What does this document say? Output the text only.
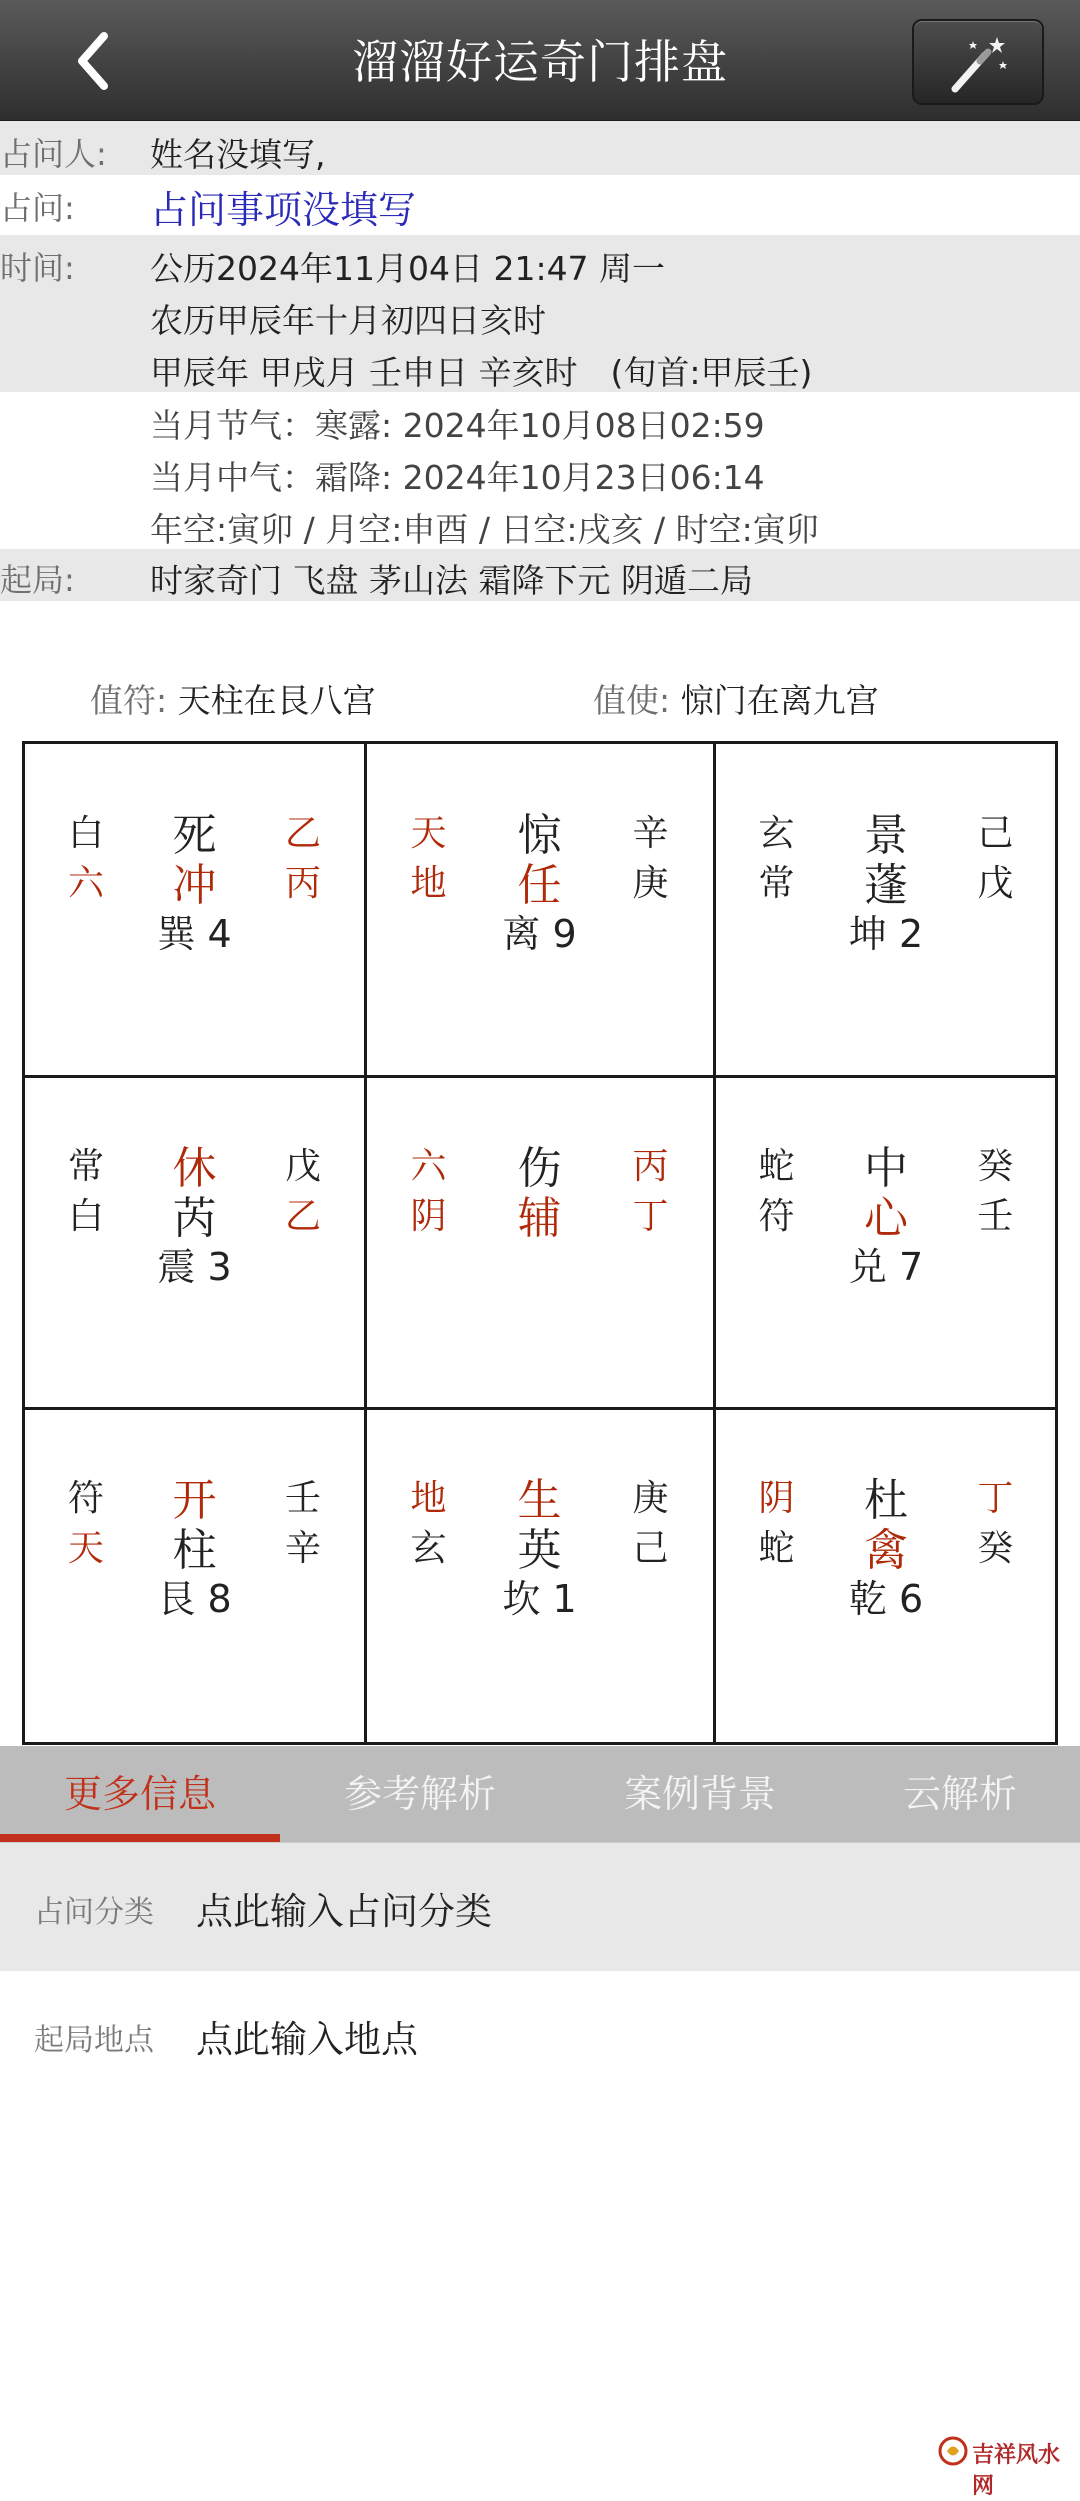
溜溜好运奇门排盘
占问人: 姓名没填写,
占问: 占问事项没填写
时间: 公历2024年11月04日 21:47 周一
农历甲辰年十月初四日亥时
甲辰年 甲戌月 壬申日 辛亥时　(旬首:甲辰壬)
当月节气：寒露: 2024年10月08日02:59
当月中气：霜降: 2024年10月23日06:14
年空:寅卯 / 月空:申酉 / 日空:戌亥 / 时空:寅卯
起局: 时家奇门 飞盘 茅山法 霜降下元 阴遁二局
值符: 天柱在艮八宫	值使: 惊门在离九宫
白 死	乙
六 冲	丙
巽 4
天 惊	辛
地 任	庚
离 9
玄 景	己
常 蓬	戊
坤 2
常 休	戊
白 芮	乙
震 3
六 伤	丙
阴 辅	丁
蛇 中	癸
符 心	壬
兑 7
符 开	壬
天 柱	辛
艮 8
地 生	庚
玄 英	己
坎 1
阴 杜	丁
蛇 禽	癸
乾 6
更多信息	参考解析	案例背景	云解析
占问分类 点此输入占问分类
起局地点 点此输入地点
吉祥风水网
